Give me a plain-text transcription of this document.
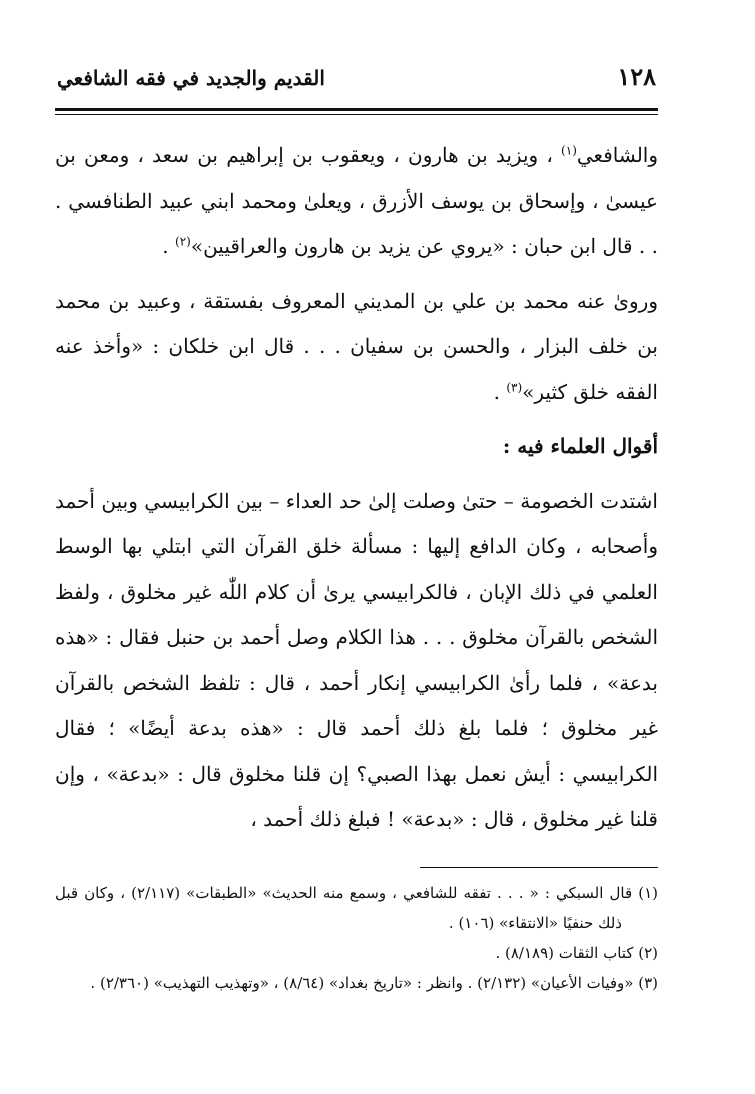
١٢٨
القديم والجديد في فقه الشافعي

والشافعي$^{(١)}$ ، ويزيد بن هارون ، ويعقوب بن إبراهيم بن سعد ، ومعن بن عيسىٰ ، وإسحاق بن يوسف الأزرق ، ويعلىٰ ومحمد ابني عبيد الطنافسي . . . قال ابن حبان : «يروي عن يزيد بن هارون والعراقيين»$^{(٢)}$ .

ورو‌ىٰ عنه محمد بن علي بن المديني المعروف بفستقة ، وعبيد بن محمد بن خلف البزار ، والحسن بن سفيان . . . قال ابن خلكان : «وأخذ عنه الفقه خلق كثير»$^{(٣)}$ .

أقوال العلماء فيه :

اشتدت الخصومة – حتىٰ وصلت إلىٰ حد العداء – بين الكرابيسي وبين أحمد وأصحابه ، وكان الدافع إليها : مسألة خلق القرآن التي ابتلي بها الوسط العلمي في ذلك الإبان ، فالكرابيسي يرىٰ أن كلام اللّٰه غير مخلوق ، ولفظ الشخص بالقرآن مخلوق . . . هذا الكلام وصل أحمد بن حنبل فقال : «هذه بدعة» ، فلما رأىٰ الكرابيسي إنكار أحمد ، قال : تلفظ الشخص بالقرآن غير مخلوق ؛ فلما بلغ ذلك أحمد قال : «هذه بدعة أيضًا» ؛ فقال الكرابيسي : أيش نعمل بهذا الصبي؟ إن قلنا مخلوق قال : «بدعة» ، وإن قلنا غير مخلوق ، قال : «بدعة» ! فبلغ ذلك أحمد ،

(١) قال السبكي : « . . . تفقه للشافعي ، وسمع منه الحديث» «الطبقات» (٢/١١٧) ، وكان قبل ذلك حنفيًا «الانتقاء» (١٠٦) .

(٢) كتاب الثقات (٨/١٨٩) .

(٣) «وفيات الأعيان» (٢/١٣٢) . وانظر : «تاريخ بغداد» (٨/٦٤) ، «وتهذيب التهذيب» (٢/٣٦٠) .
